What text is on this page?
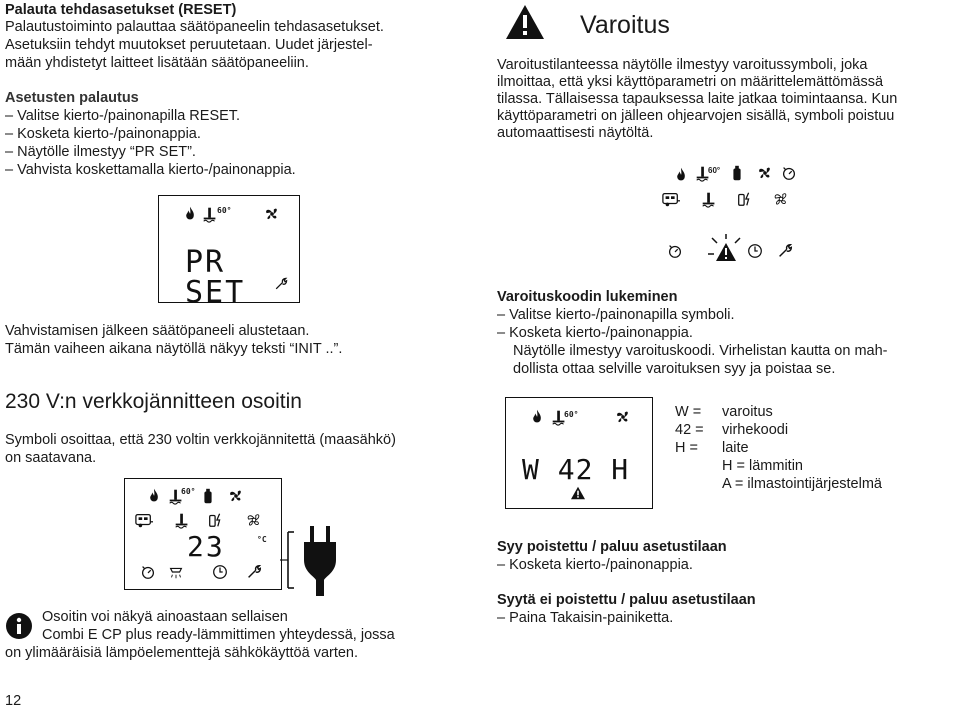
Palauta tehdasasetukset (RESET)
Palautustoiminto palauttaa säätöpaneelin tehdasasetukset.
Asetuksiin tehdyt muutokset peruutetaan. Uudet järjestel-
mään yhdistetyt laitteet lisätään säätöpaneeliin.
Asetusten palautus
– Valitse kierto-/painonapilla RESET.
– Kosketa kierto-/painonappia.
– Näytölle ilmestyy “PR SET”.
– Vahvista koskettamalla kierto-/painonappia.
60°
PR SET
Vahvistamisen jälkeen säätöpaneeli alustetaan.
Tämän vaiheen aikana näytöllä näkyy teksti “INIT ..”.
230 V:n verkkojännitteen osoitin
Symboli osoittaa, että 230 voltin verkkojännitettä (maasähkö)
on saatavana.
60°
23	°C
Osoitin voi näkyä ainoastaan sellaisen
Combi E CP plus ready-lämmittimen yhteydessä, jossa
on ylimääräisiä lämpöelementtejä sähkökäyttöä varten.
12
Varoitus
Varoitustilanteessa näytölle ilmestyy varoitussymboli, joka
ilmoittaa, että yksi käyttöparametri on määrittelemättömässä
tilassa. Tällaisessa tapauksessa laite jatkaa toimintaansa. Kun
käyttöparametri on jälleen ohjearvojen sisällä, symboli poistuu
automaattisesti näytöltä.
60°
Varoituskoodin lukeminen
– Valitse kierto-/painonapilla symboli.
– Kosketa kierto-/painonappia.
Näytölle ilmestyy varoituskoodi. Virhelistan kautta on mah-
dollista ottaa selville varoituksen syy ja poistaa se.
60°
W 42 H
W = varoitus
42 = virhekoodi
H = laite
H = lämmitin
A = ilmastointijärjestelmä
Syy poistettu / paluu asetustilaan
– Kosketa kierto-/painonappia.
Syytä ei poistettu / paluu asetustilaan
– Paina Takaisin-painiketta.
